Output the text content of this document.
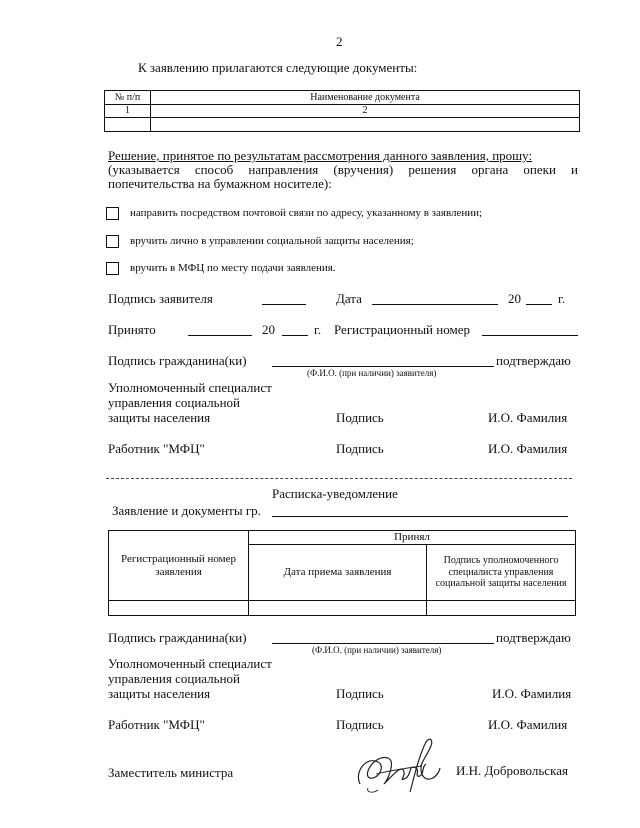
2
К заявлению прилагаются следующие документы:
№ п/п	Наименование документа
1	2

Решение, принятое по результатам рассмотрения данного заявления, прошу:
(указывается способ направления (вручения) решения органа опеки и попечительства на бумажном носителе):
направить посредством почтовой связи по адресу, указанному в заявлении;
вручить лично в управлении социальной защиты населения;
вручить в МФЦ по месту подачи заявления.
Подпись заявителя	Дата	20	г.
Принято	20	г. Регистрационный номер
Подпись гражданина(ки)	подтверждаю
(Ф.И.О. (при наличии) заявителя)
Уполномоченный специалист
управления социальной
защиты населения	Подпись	И.О. Фамилия
Работник "МФЦ"	Подпись	И.О. Фамилия
Расписка-уведомление
Заявление и документы гр.
Регистрационный номер заявления	Принял	
	Дата приема заявления	Подпись уполномоченного специалиста управления социальной защиты населения

Подпись гражданина(ки)	подтверждаю
(Ф.И.О. (при наличии) заявителя)
Уполномоченный специалист
управления социальной
защиты населения	Подпись	И.О. Фамилия
Работник "МФЦ"	Подпись	И.О. Фамилия
Заместитель министра	И.Н. Добровольская
